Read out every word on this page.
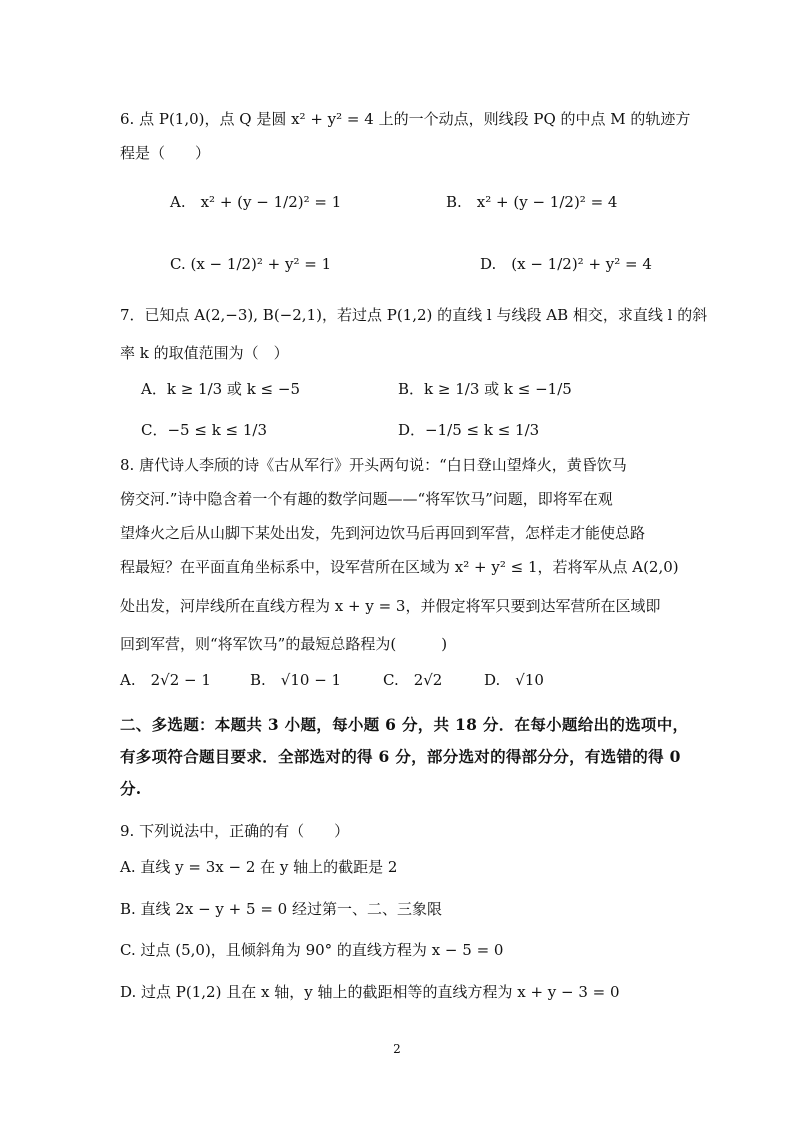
6. 点 P(1,0)，点 Q 是圆 x² + y² = 4 上的一个动点，则线段 PQ 的中点 M 的轨迹方
程是（　　）
A.　x² + (y − 1/2)² = 1	B.　x² + (y − 1/2)² = 4
C. (x − 1/2)² + y² = 1	D.　(x − 1/2)² + y² = 4
7．已知点 A(2,−3), B(−2,1)，若过点 P(1,2) 的直线 l 与线段 AB 相交，求直线 l 的斜
率 k 的取值范围为（　）
A．k ≥ 1/3 或 k ≤ −5	B．k ≥ 1/3 或 k ≤ −1/5
C．−5 ≤ k ≤ 1/3	D．−1/5 ≤ k ≤ 1/3
8. 唐代诗人李颀的诗《古从军行》开头两句说：“白日登山望烽火，黄昏饮马
傍交河.”诗中隐含着一个有趣的数学问题——“将军饮马”问题，即将军在观
望烽火之后从山脚下某处出发，先到河边饮马后再回到军营，怎样走才能使总路
程最短？在平面直角坐标系中，设军营所在区域为 x² + y² ≤ 1，若将军从点 A(2,0)
处出发，河岸线所在直线方程为 x + y = 3，并假定将军只要到达军营所在区域即
回到军营，则“将军饮马”的最短总路程为(　　　)
A.　2√2 − 1	B.　√10 − 1	C.　2√2	D.　√10
二、多选题：本题共 3 小题，每小题 6 分，共 18 分．在每小题给出的选项中，
有多项符合题目要求．全部选对的得 6 分，部分选对的得部分分，有选错的得 0
分.
9. 下列说法中，正确的有（　　）
A. 直线 y = 3x − 2 在 y 轴上的截距是 2
B. 直线 2x − y + 5 = 0 经过第一、二、三象限
C. 过点 (5,0)，且倾斜角为 90° 的直线方程为 x − 5 = 0
D. 过点 P(1,2) 且在 x 轴，y 轴上的截距相等的直线方程为 x + y − 3 = 0
2
